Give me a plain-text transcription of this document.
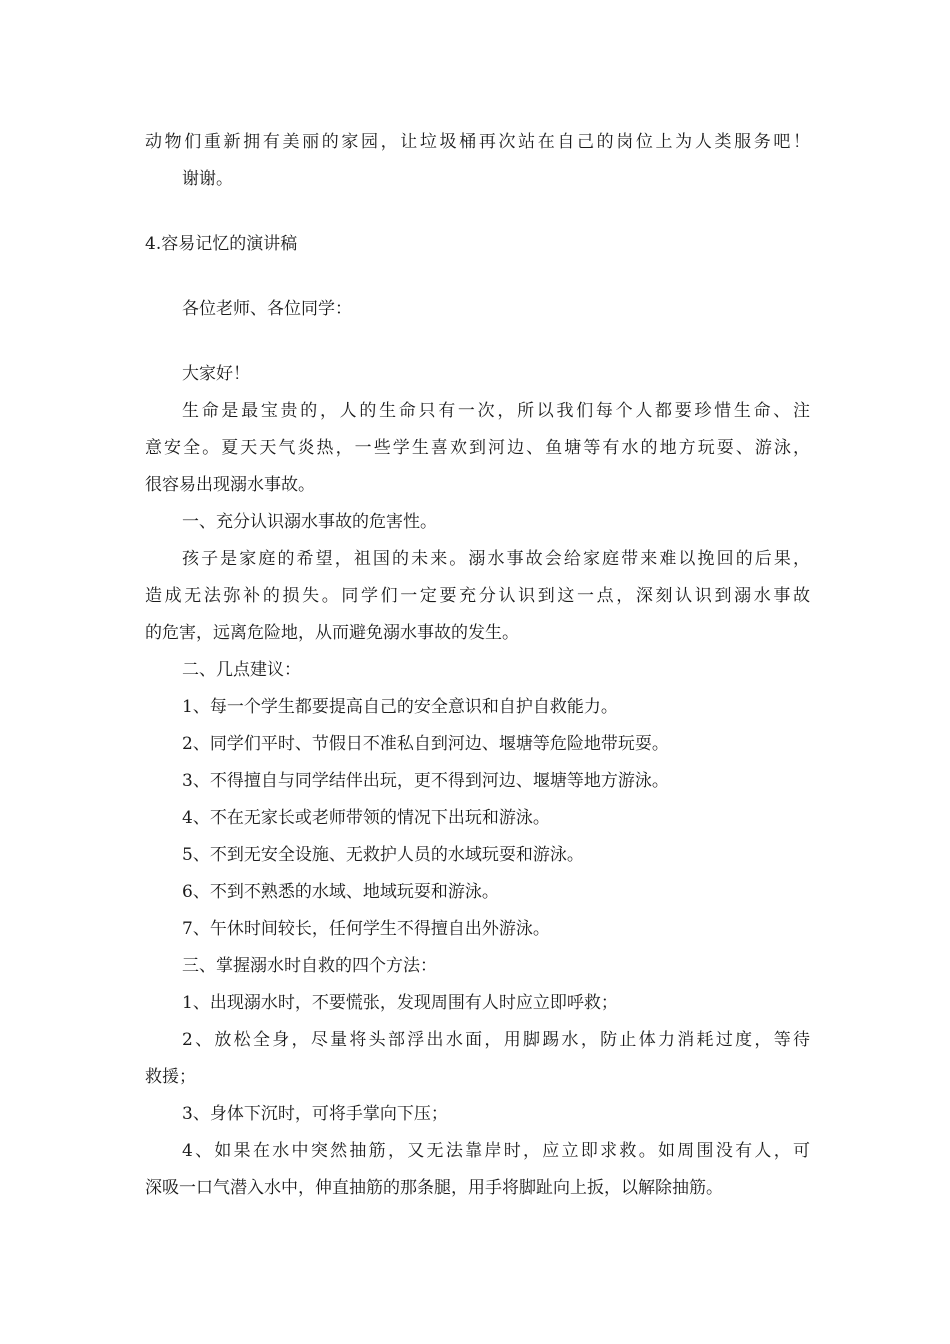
动物们重新拥有美丽的家园，让垃圾桶再次站在自己的岗位上为人类服务吧！
谢谢。
4.容易记忆的演讲稿
各位老师、各位同学：
大家好！
生命是最宝贵的，人的生命只有一次，所以我们每个人都要珍惜生命、注
意安全。夏天天气炎热，一些学生喜欢到河边、鱼塘等有水的地方玩耍、游泳，
很容易出现溺水事故。
一、充分认识溺水事故的危害性。
孩子是家庭的希望，祖国的未来。溺水事故会给家庭带来难以挽回的后果，
造成无法弥补的损失。同学们一定要充分认识到这一点，深刻认识到溺水事故
的危害，远离危险地，从而避免溺水事故的发生。
二、几点建议：
1、每一个学生都要提高自己的安全意识和自护自救能力。
2、同学们平时、节假日不准私自到河边、堰塘等危险地带玩耍。
3、不得擅自与同学结伴出玩，更不得到河边、堰塘等地方游泳。
4、不在无家长或老师带领的情况下出玩和游泳。
5、不到无安全设施、无救护人员的水域玩耍和游泳。
6、不到不熟悉的水域、地域玩耍和游泳。
7、午休时间较长，任何学生不得擅自出外游泳。
三、掌握溺水时自救的四个方法：
1、出现溺水时，不要慌张，发现周围有人时应立即呼救；
2、放松全身，尽量将头部浮出水面，用脚踢水，防止体力消耗过度，等待
救援；
3、身体下沉时，可将手掌向下压；
4、如果在水中突然抽筋，又无法靠岸时，应立即求救。如周围没有人，可
深吸一口气潜入水中，伸直抽筋的那条腿，用手将脚趾向上扳，以解除抽筋。
